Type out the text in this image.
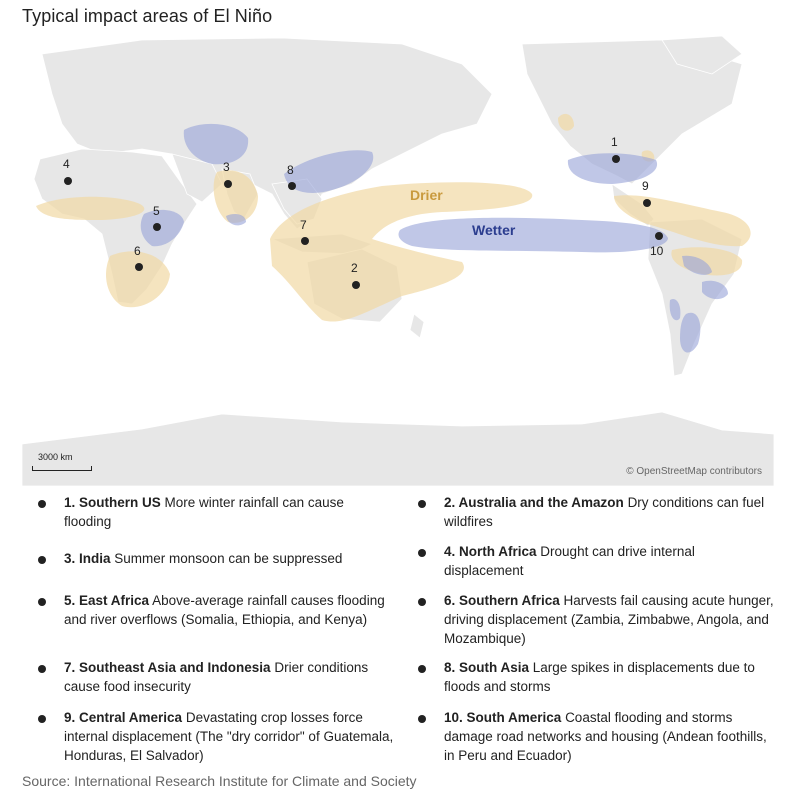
Typical impact areas of El Niño
Drier
Wetter
1
2
3
4
5
6
7
8
9
10
3000 km
© OpenStreetMap contributors
1. Southern US More winter rainfall can cause flooding
2. Australia and the Amazon Dry conditions can fuel wildfires
3. India Summer monsoon can be suppressed	4. North Africa Drought can drive internal displacement
5. East Africa Above-average rainfall causes flooding and river overflows (Somalia, Ethiopia, and Kenya)
6. Southern Africa Harvests fail causing acute hunger, driving displacement (Zambia, Zimbabwe, Angola, and Mozambique)
7. Southeast Asia and Indonesia Drier conditions cause food insecurity
8. South Asia Large spikes in displacements due to floods and storms
9. Central America Devastating crop losses force internal displacement (The "dry corridor" of Guatemala, Honduras, El Salvador)
10. South America Coastal flooding and storms damage road networks and housing (Andean foothills, in Peru and Ecuador)
Source: International Research Institute for Climate and Society
